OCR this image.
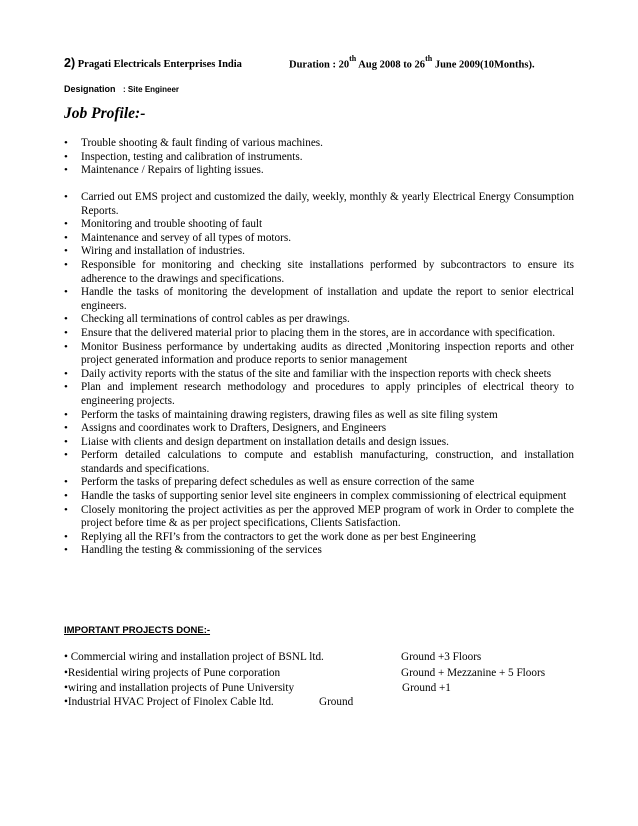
2) Pragati Electricals Enterprises India	Duration : 20th Aug 2008 to 26th June 2009(10Months).
Designation : Site Engineer
Job Profile:-
• Trouble shooting & fault finding of various machines.
• Inspection, testing and calibration of instruments.
• Maintenance / Repairs of lighting issues.
• Carried out EMS project and customized the daily, weekly, monthly & yearly Electrical Energy Consumption Reports.
• Monitoring and trouble shooting of fault
• Maintenance and servey of all types of motors.
• Wiring and installation of industries.
• Responsible for monitoring and checking site installations performed by subcontractors to ensure its adherence to the drawings and specifications.
• Handle the tasks of monitoring the development of installation and update the report to senior electrical engineers.
• Checking all terminations of control cables as per drawings.
• Ensure that the delivered material prior to placing them in the stores, are in accordance with specification.
• Monitor Business performance by undertaking audits as directed ,Monitoring inspection reports and other project generated information and produce reports to senior management
• Daily activity reports with the status of the site and familiar with the inspection reports with check sheets
• Plan and implement research methodology and procedures to apply principles of electrical theory to engineering projects.
• Perform the tasks of maintaining drawing registers, drawing files as well as site filing system
• Assigns and coordinates work to Drafters, Designers, and Engineers
• Liaise with clients and design department on installation details and design issues.
• Perform detailed calculations to compute and establish manufacturing, construction, and installation standards and specifications.
• Perform the tasks of preparing defect schedules as well as ensure correction of the same
• Handle the tasks of supporting senior level site engineers in complex commissioning of electrical equipment
• Closely monitoring the project activities as per the approved MEP program of work in Order to complete the project before time & as per project specifications, Clients Satisfaction.
• Replying all the RFI’s from the contractors to get the work done as per best Engineering
• Handling the testing & commissioning of the services
IMPORTANT PROJECTS DONE:-
• Commercial wiring and installation project of BSNL ltd.	Ground +3 Floors
•Residential wiring projects of Pune corporation	Ground + Mezzanine + 5 Floors
•wiring and installation projects of Pune University	Ground +1
•Industrial HVAC Project of Finolex Cable ltd.	Ground
